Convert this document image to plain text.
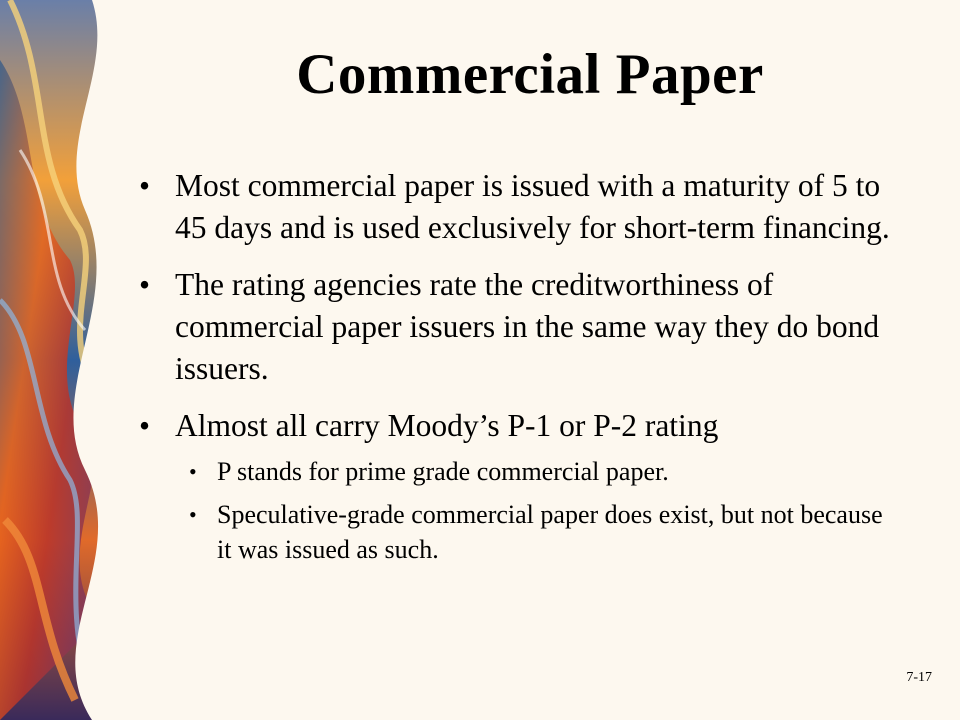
Commercial Paper
• Most commercial paper is issued with a maturity of 5 to 45 days and is used exclusively for short-term financing.
• The rating agencies rate the creditworthiness of commercial paper issuers in the same way they do bond issuers.
• Almost all carry Moody’s P-1 or P-2 rating
• P stands for prime grade commercial paper.
• Speculative-grade commercial paper does exist, but not because it was issued as such.
7-17
